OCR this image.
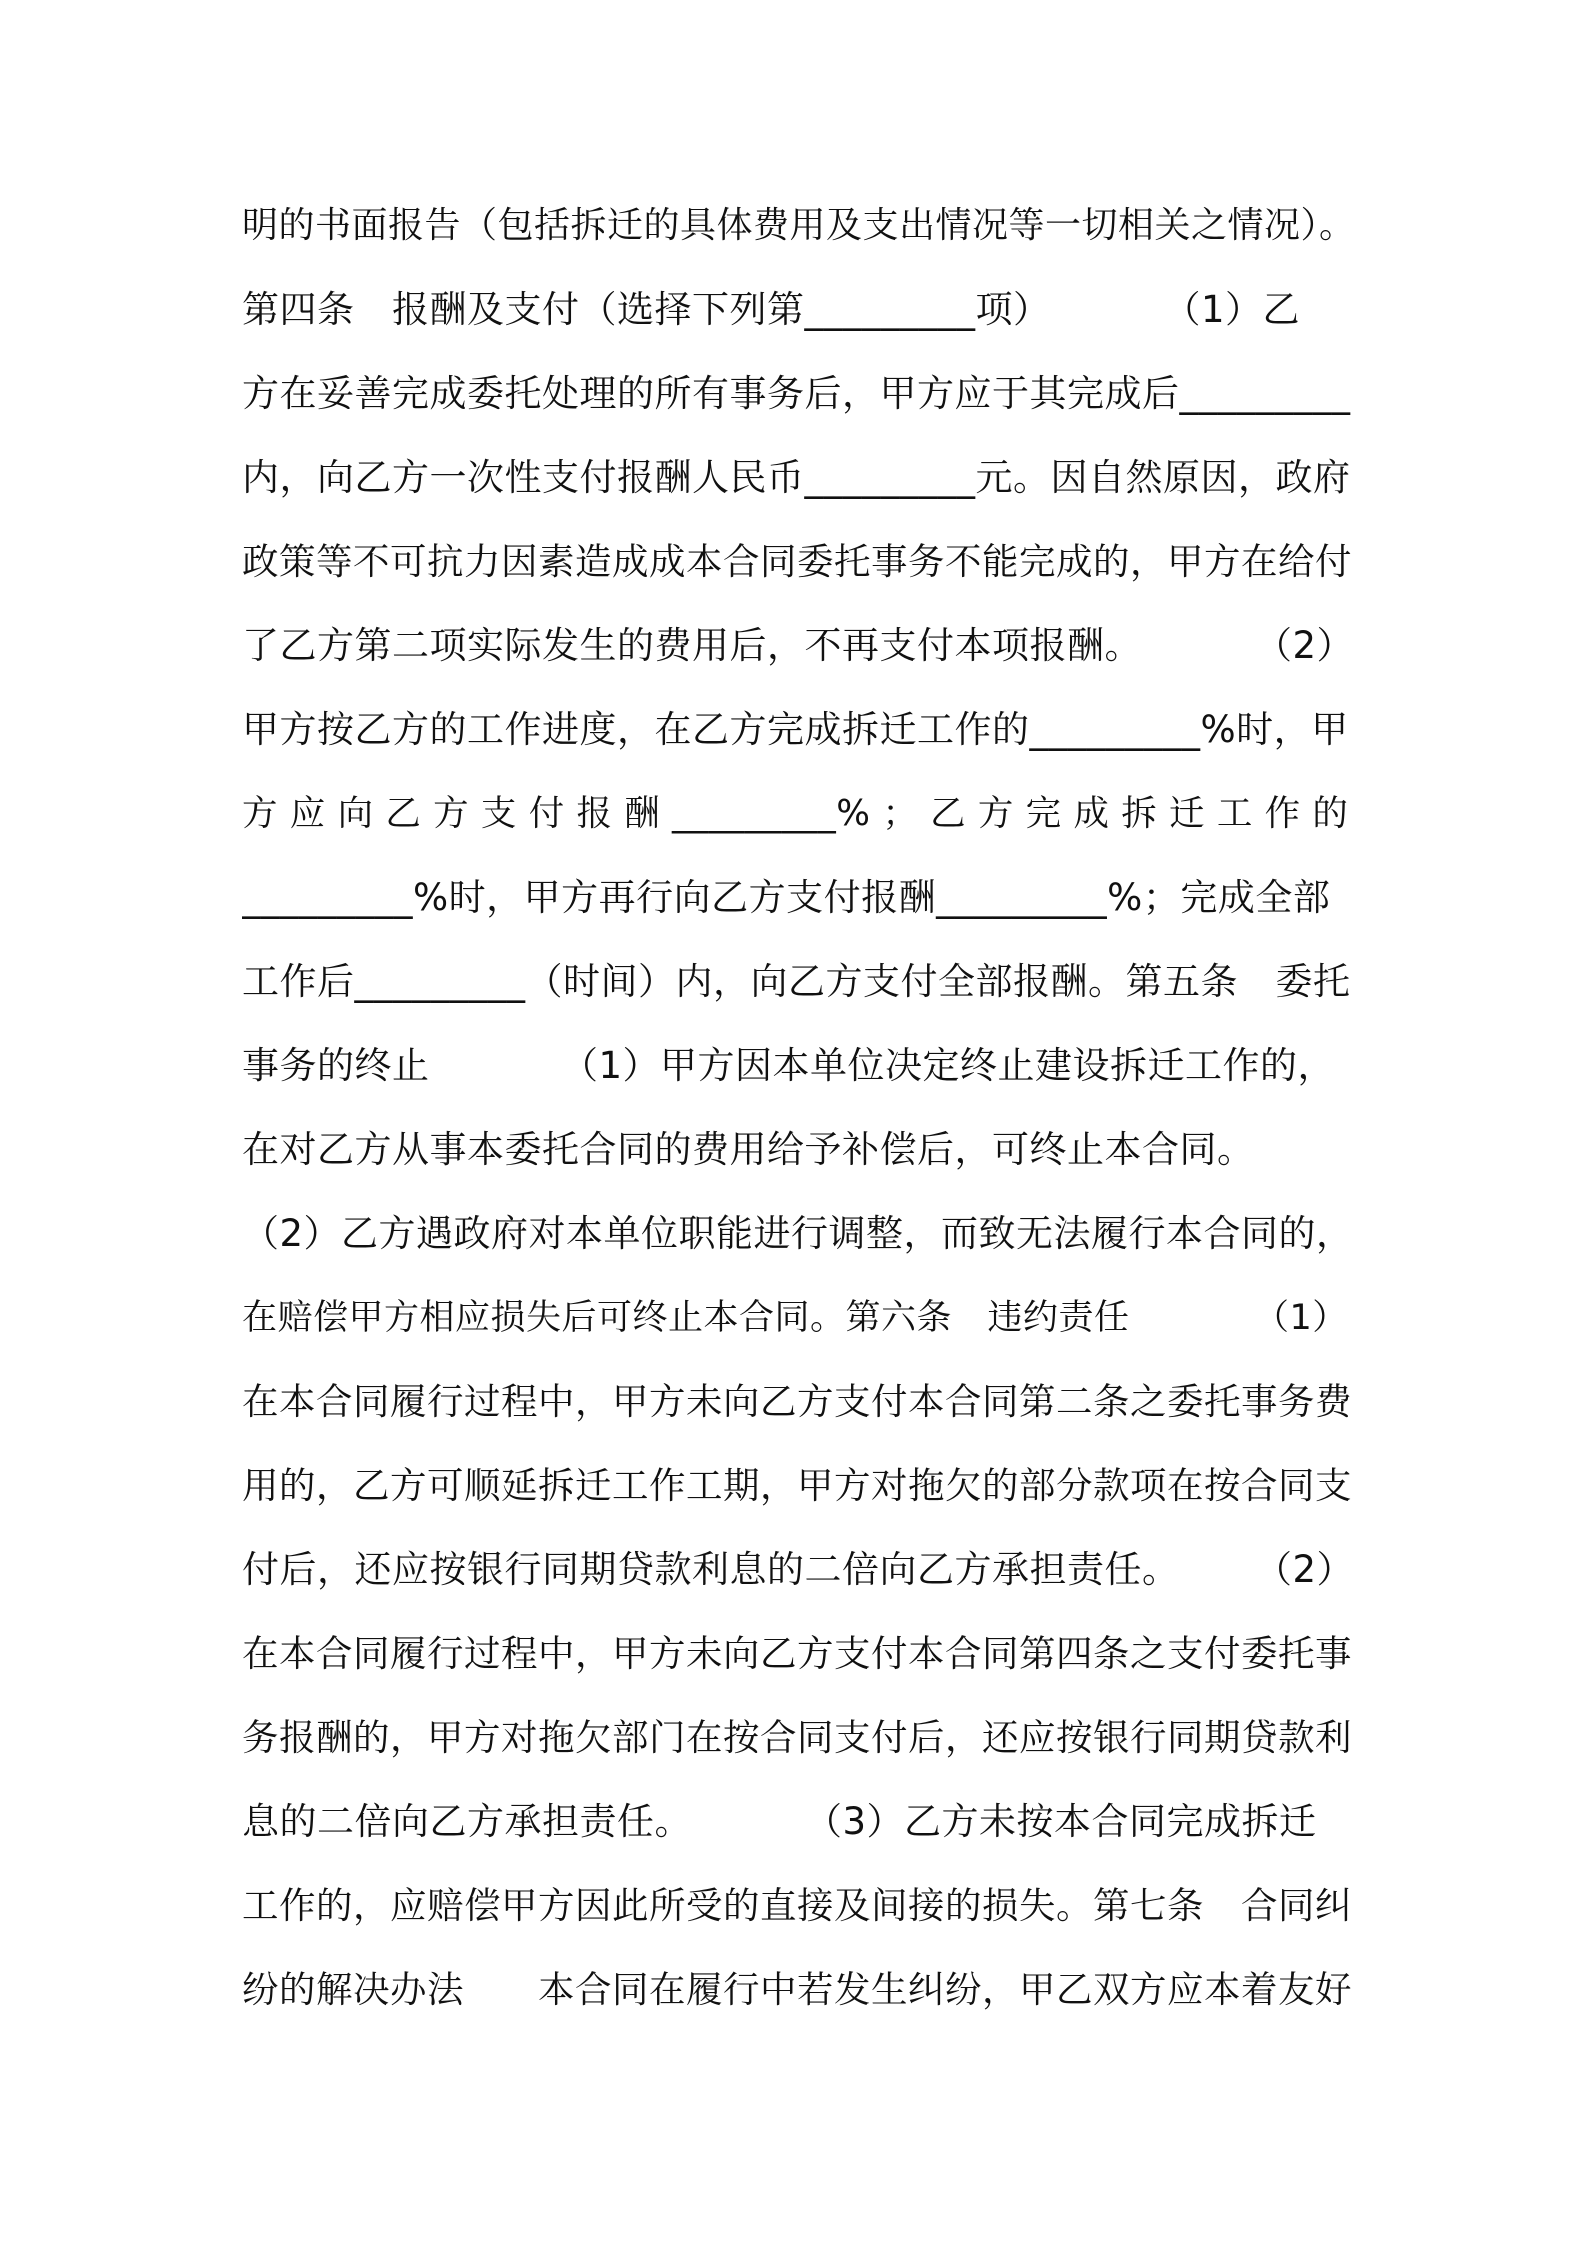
明的书面报告（包括拆迁的具体费用及支出情况等一切相关之情况）。
第四条　报酬及支付（选择下列第_________项）　　　　（1）乙
方在妥善完成委托处理的所有事务后，甲方应于其完成后_________
内，向乙方一次性支付报酬人民币_________元。因自然原因，政府
政策等不可抗力因素造成成本合同委托事务不能完成的，甲方在给付
了乙方第二项实际发生的费用后，不再支付本项报酬。　　　　（2）
甲方按乙方的工作进度，在乙方完成拆迁工作的_________%时，甲
方 应 向 乙 方 支 付 报 酬 _________% ； 乙 方 完 成 拆 迁 工 作 的
_________%时，甲方再行向乙方支付报酬_________%；完成全部
工作后_________（时间）内，向乙方支付全部报酬。第五条　委托
事务的终止　　　　（1）甲方因本单位决定终止建设拆迁工作的，
在对乙方从事本委托合同的费用给予补偿后，可终止本合同。
（2）乙方遇政府对本单位职能进行调整，而致无法履行本合同的，
在赔偿甲方相应损失后可终止本合同。第六条　违约责任　　　　（1）
在本合同履行过程中，甲方未向乙方支付本合同第二条之委托事务费
用的，乙方可顺延拆迁工作工期，甲方对拖欠的部分款项在按合同支
付后，还应按银行同期贷款利息的二倍向乙方承担责任。　　　（2）
在本合同履行过程中，甲方未向乙方支付本合同第四条之支付委托事
务报酬的，甲方对拖欠部门在按合同支付后，还应按银行同期贷款利
息的二倍向乙方承担责任。　　　　（3）乙方未按本合同完成拆迁
工作的，应赔偿甲方因此所受的直接及间接的损失。第七条　合同纠
纷的解决办法　　本合同在履行中若发生纠纷，甲乙双方应本着友好
